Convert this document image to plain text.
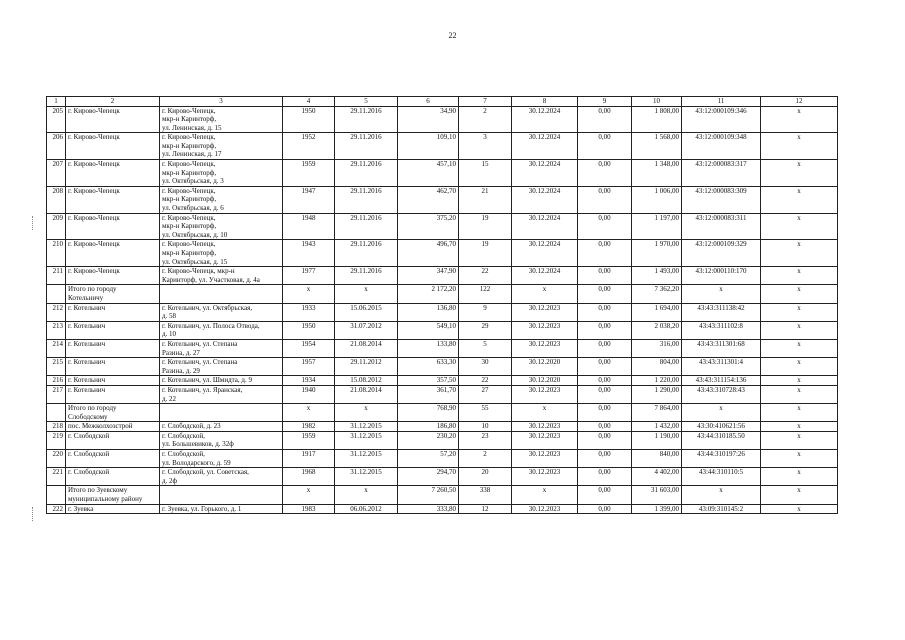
22
1	2	3	4	5	6	7	8	9	10	11	12
205	г. Кирово-Чепецк	г. Кирово-Чепецк,
мкр-н Каринторф,
ул. Ленинская, д. 15	1950	29.11.2016	34,90	2	30.12.2024	0,00	1 808,00	43:12:000109:346	x
206	г. Кирово-Чепецк	г. Кирово-Чепецк,
мкр-н Каринторф,
ул. Ленинская, д. 17	1952	29.11.2016	109,10	3	30.12.2024	0,00	1 568,00	43:12:000109:348	x
207	г. Кирово-Чепецк	г. Кирово-Чепецк,
мкр-н Каринторф,
ул. Октябрьская, д. 3	1959	29.11.2016	457,10	15	30.12.2024	0,00	1 348,00	43:12:000083:317	x
208	г. Кирово-Чепецк	г. Кирово-Чепецк,
мкр-н Каринторф,
ул. Октябрьская, д. 6	1947	29.11.2016	462,70	21	30.12.2024	0,00	1 006,00	43:12:000083:309	x
209	г. Кирово-Чепецк	г. Кирово-Чепецк,
мкр-н Каринторф,
ул. Октябрьская, д. 10	1948	29.11.2016	375,20	19	30.12.2024	0,00	1 197,00	43:12:000083:311	x
210	г. Кирово-Чепецк	г. Кирово-Чепецк,
мкр-н Каринторф,
ул. Октябрьская, д. 15	1943	29.11.2016	496,70	19	30.12.2024	0,00	1 970,00	43:12:000109:329	x
211	г. Кирово-Чепецк	г. Кирово-Чепецк, мкр-н
Каринторф, ул. Участковая, д. 4а	1977	29.11.2016	347,90	22	30.12.2024	0,00	1 493,00	43:12:000110:170	x
	Итого по городу
Котельничу		x	x	2 172,20	122	x	0,00	7 362,20	x	x
212	г. Котельнич	г. Котельнич, ул. Октябрьская,
д. 58	1933	15.06.2015	136,80	9	30.12.2023	0,00	1 694,00	43:43:311138:42	x
213	г. Котельнич	г. Котельнич, ул. Полоса Отвода,
д. 10	1950	31.07.2012	549,10	29	30.12.2023	0,00	2 038,20	43:43:311102:8	x
214	г. Котельнич	г. Котельнич, ул. Степана
Разина, д. 27	1954	21.08.2014	133,80	5	30.12.2023	0,00	316,00	43:43:311301:68	x
215	г. Котельнич	г. Котельнич, ул. Степана
Разина, д. 29	1957	29.11.2012	633,30	30	30.12.2020	0,00	804,00	43:43:311301:4	x
216	г. Котельнич	г. Котельнич, ул. Шмидта, д. 9	1934	15.08.2012	357,50	22	30.12.2020	0,00	1 220,00	43:43:311154:136	x
217	г. Котельнич	г. Котельнич, ул. Яранская,
д. 22	1940	21.08.2014	361,70	27	30.12.2023	0,00	1 290,00	43:43:310728:43	x
	Итого по городу
Слободскому		x	x	768,90	55	x	0,00	7 864,00	x	x
218	пос. Межколхозстрой	г. Слободской, д. 23	1982	31.12.2015	186,80	10	30.12.2023	0,00	1 432,00	43:30:410621:56	x
219	г. Слободской	г. Слободской,
ул. Большевиков, д. 32ф	1959	31.12.2015	230,20	23	30.12.2023	0,00	1 190,00	43:44:310185.50	x
220	г. Слободской	г. Слободской,
ул. Володарского, д. 59	1917	31.12.2015	57,20	2	30.12.2023	0,00	840,00	43:44:310197:26	x
221	г. Слободской	г. Слободской, ул. Советская,
д. 2ф	1968	31.12.2015	294,70	20	30.12.2023	0,00	4 402,00	43:44:310110:5	x
	Итого по Зуевскому
муниципальному району		x	x	7 260,50	338	x	0,00	31 603,00	x	x
222	г. Зуевка	г. Зуевка, ул. Горького, д. 1	1983	06.06.2012	333,80	12	30.12.2023	0,00	1 399,00	43:09:310145:2	x
